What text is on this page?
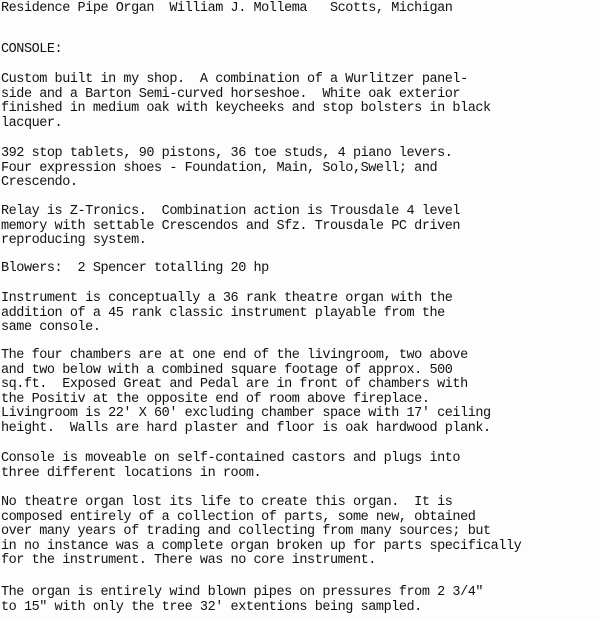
Residence Pipe Organ  William J. Mollema   Scotts, Michigan
CONSOLE:
Custom built in my shop.  A combination of a Wurlitzer panel-
side and a Barton Semi-curved horseshoe.  White oak exterior
finished in medium oak with keycheeks and stop bolsters in black
lacquer.
392 stop tablets, 90 pistons, 36 toe studs, 4 piano levers.
Four expression shoes - Foundation, Main, Solo,Swell; and
Crescendo.
Relay is Z-Tronics.  Combination action is Trousdale 4 level
memory with settable Crescendos and Sfz. Trousdale PC driven
reproducing system.
Blowers:  2 Spencer totalling 20 hp
Instrument is conceptually a 36 rank theatre organ with the
addition of a 45 rank classic instrument playable from the
same console.
The four chambers are at one end of the livingroom, two above
and two below with a combined square footage of approx. 500
sq.ft.  Exposed Great and Pedal are in front of chambers with
the Positiv at the opposite end of room above fireplace.
Livingroom is 22' X 60' excluding chamber space with 17' ceiling
height.  Walls are hard plaster and floor is oak hardwood plank.
Console is moveable on self-contained castors and plugs into
three different locations in room.
No theatre organ lost its life to create this organ.  It is
composed entirely of a collection of parts, some new, obtained
over many years of trading and collecting from many sources; but
in no instance was a complete organ broken up for parts specifically
for the instrument. There was no core instrument.
The organ is entirely wind blown pipes on pressures from 2 3/4"
to 15" with only the tree 32' extentions being sampled.
